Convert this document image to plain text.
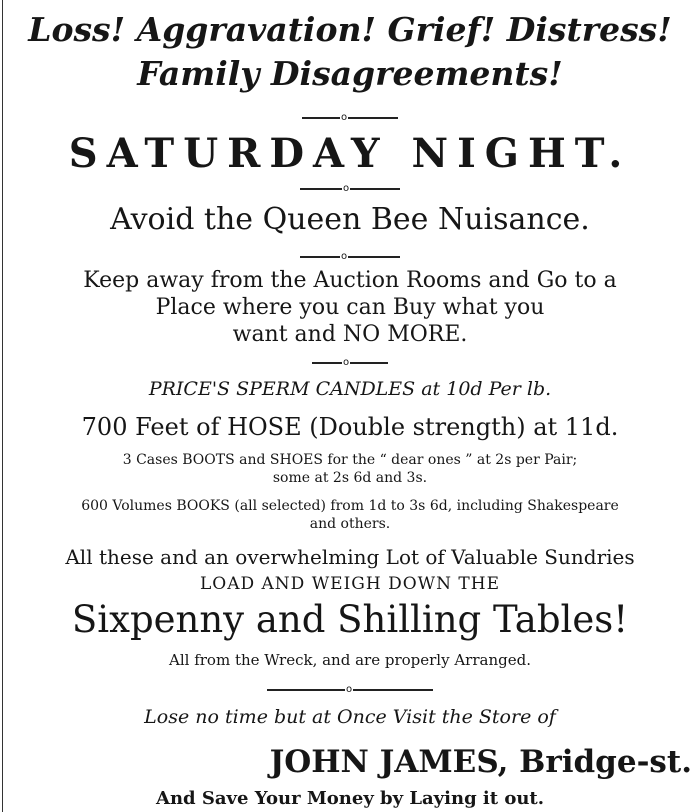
Loss! Aggravation! Grief! Distress!
Family Disagreements!
o
SATURDAY NIGHT.
o
Avoid the Queen Bee Nuisance.
o
Keep away from the Auction Rooms and Go to a
Place where you can Buy what you
want and NO MORE.
o
PRICE'S SPERM CANDLES at 10d Per lb.
700 Feet of HOSE (Double strength) at 11d.
3 Cases BOOTS and SHOES for the “ dear ones ” at 2s per Pair;
some at 2s 6d and 3s.
600 Volumes BOOKS (all selected) from 1d to 3s 6d, including Shakespeare
and others.
All these and an overwhelming Lot of Valuable Sundries
LOAD AND WEIGH DOWN THE
Sixpenny and Shilling Tables!
All from the Wreck, and are properly Arranged.
o
Lose no time but at Once Visit the Store of
JOHN JAMES, Bridge-st.
And Save Your Money by Laying it out.
